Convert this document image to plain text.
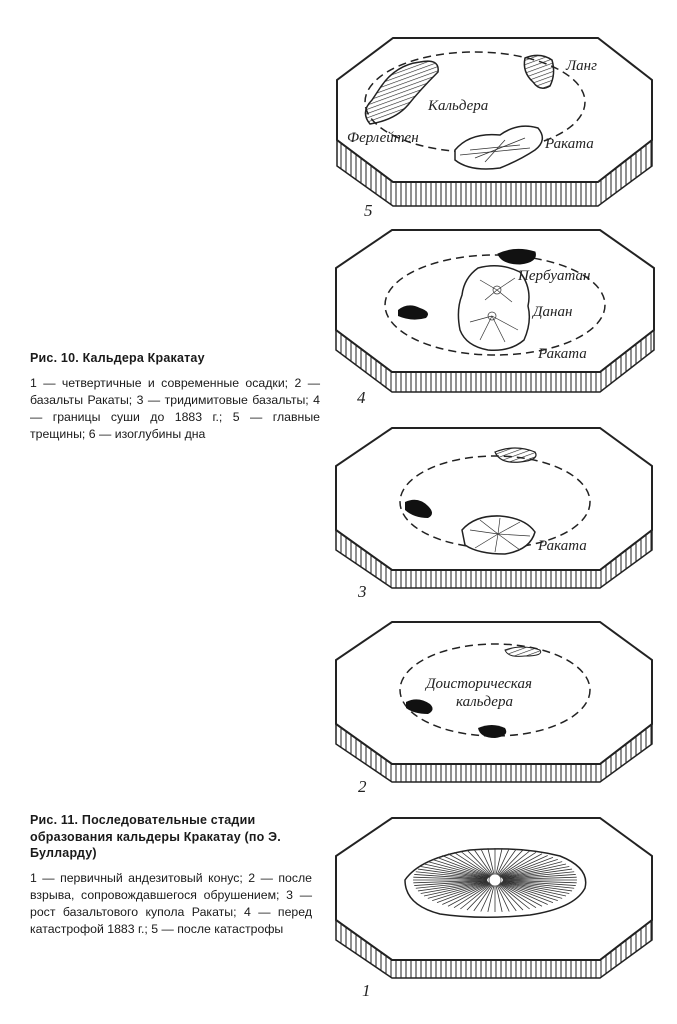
Рис. 10. Кальдера Кракатау
1 — четвертичные и современные осадки; 2 — базальты Ракаты; 3 — тридимитовые базальты; 4 — границы суши до 1883 г.; 5 — главные трещины; 6 — изоглубины дна
Рис. 11. Последовательные стадии образования кальдеры Кракатау (по Э. Булларду)
1 — первичный андезитовый конус; 2 — после взрыва, сопровождавшегося обрушением; 3 — рост базальтового купола Ракаты; 4 — перед катастрофой 1883 г.; 5 — после катастрофы
Ланг
Кальдера
Ферлейтен	Раката
5
Пербуатан
Данан
Раката
4
Раката
3
Доисторическая
кальдера
2
1
